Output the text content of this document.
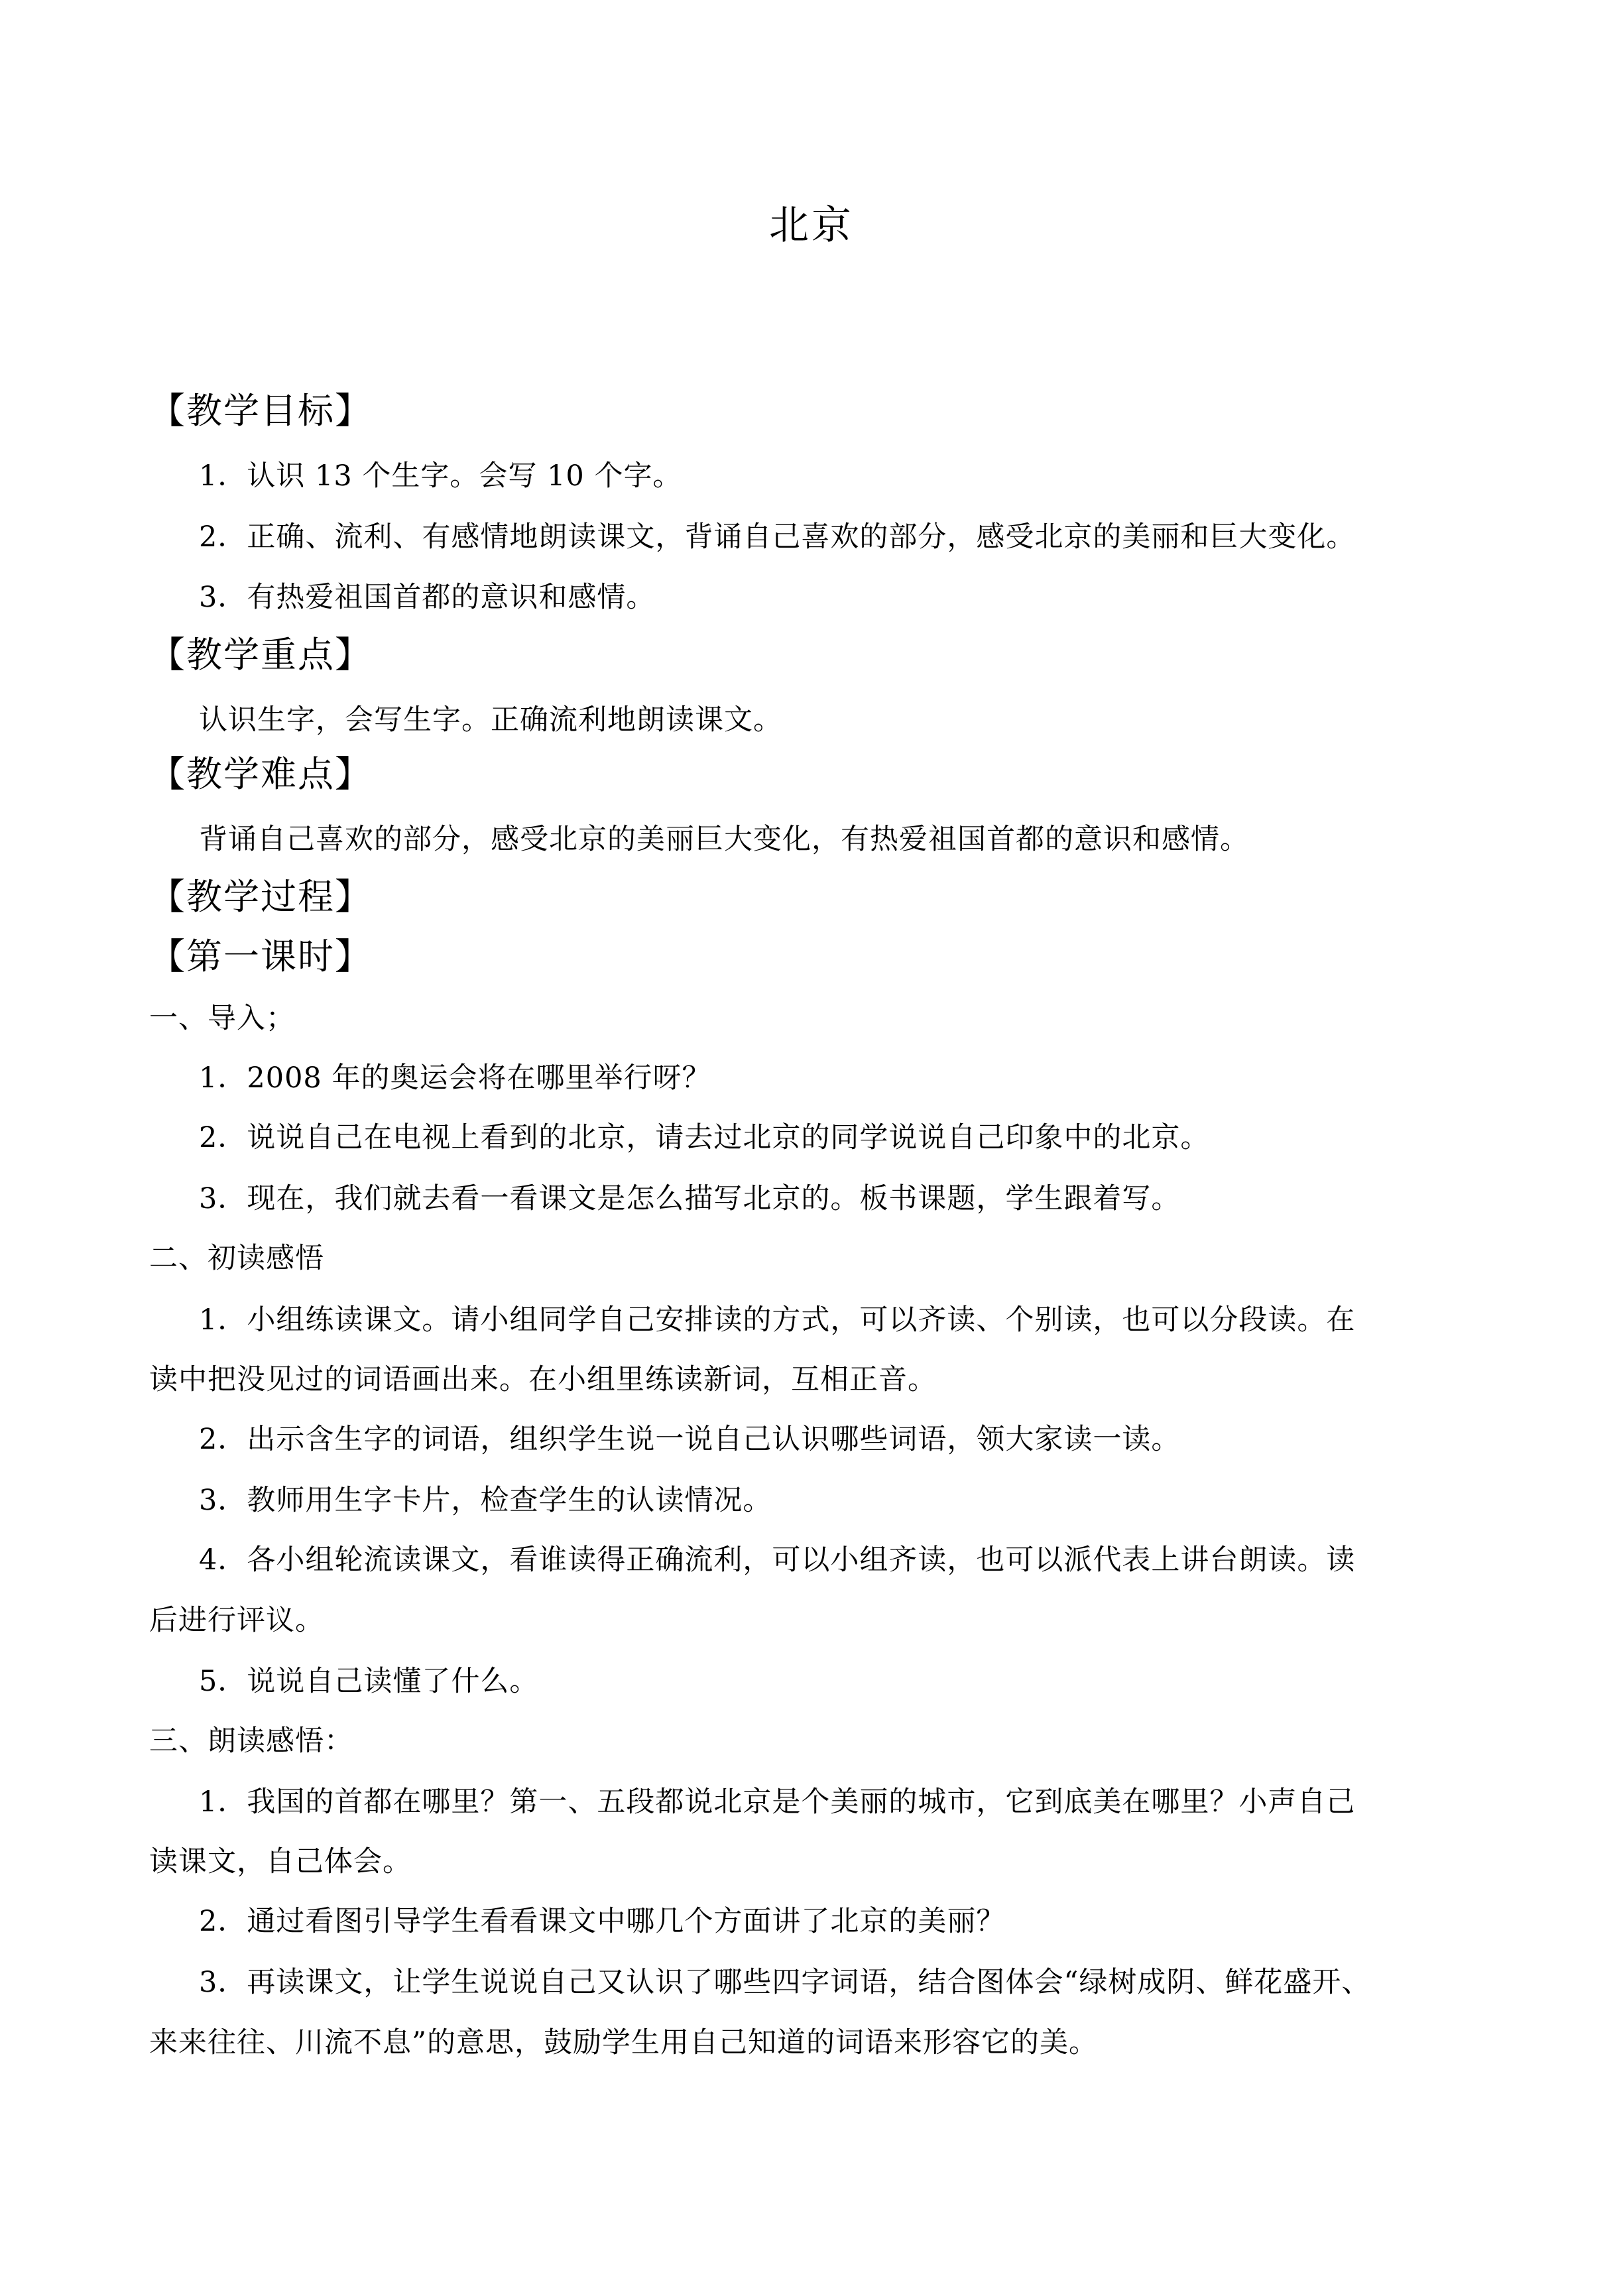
北京
【教学目标】
1．认识 13 个生字。会写 10 个字。
2．正确、流利、有感情地朗读课文，背诵自己喜欢的部分，感受北京的美丽和巨大变化。
3．有热爱祖国首都的意识和感情。
【教学重点】
认识生字，会写生字。正确流利地朗读课文。
【教学难点】
背诵自己喜欢的部分，感受北京的美丽巨大变化，有热爱祖国首都的意识和感情。
【教学过程】
【第一课时】
一、导入；
1．2008 年的奥运会将在哪里举行呀？
2．说说自己在电视上看到的北京，请去过北京的同学说说自己印象中的北京。
3．现在，我们就去看一看课文是怎么描写北京的。板书课题，学生跟着写。
二、初读感悟
1．小组练读课文。请小组同学自己安排读的方式，可以齐读、个别读，也可以分段读。在
读中把没见过的词语画出来。在小组里练读新词，互相正音。
2．出示含生字的词语，组织学生说一说自己认识哪些词语，领大家读一读。
3．教师用生字卡片，检查学生的认读情况。
4．各小组轮流读课文，看谁读得正确流利，可以小组齐读，也可以派代表上讲台朗读。读
后进行评议。
5．说说自己读懂了什么。
三、朗读感悟：
1．我国的首都在哪里？第一、五段都说北京是个美丽的城市，它到底美在哪里？小声自己
读课文，自己体会。
2．通过看图引导学生看看课文中哪几个方面讲了北京的美丽？
3．再读课文，让学生说说自己又认识了哪些四字词语，结合图体会“绿树成阴、鲜花盛开、
来来往往、川流不息”的意思，鼓励学生用自己知道的词语来形容它的美。
